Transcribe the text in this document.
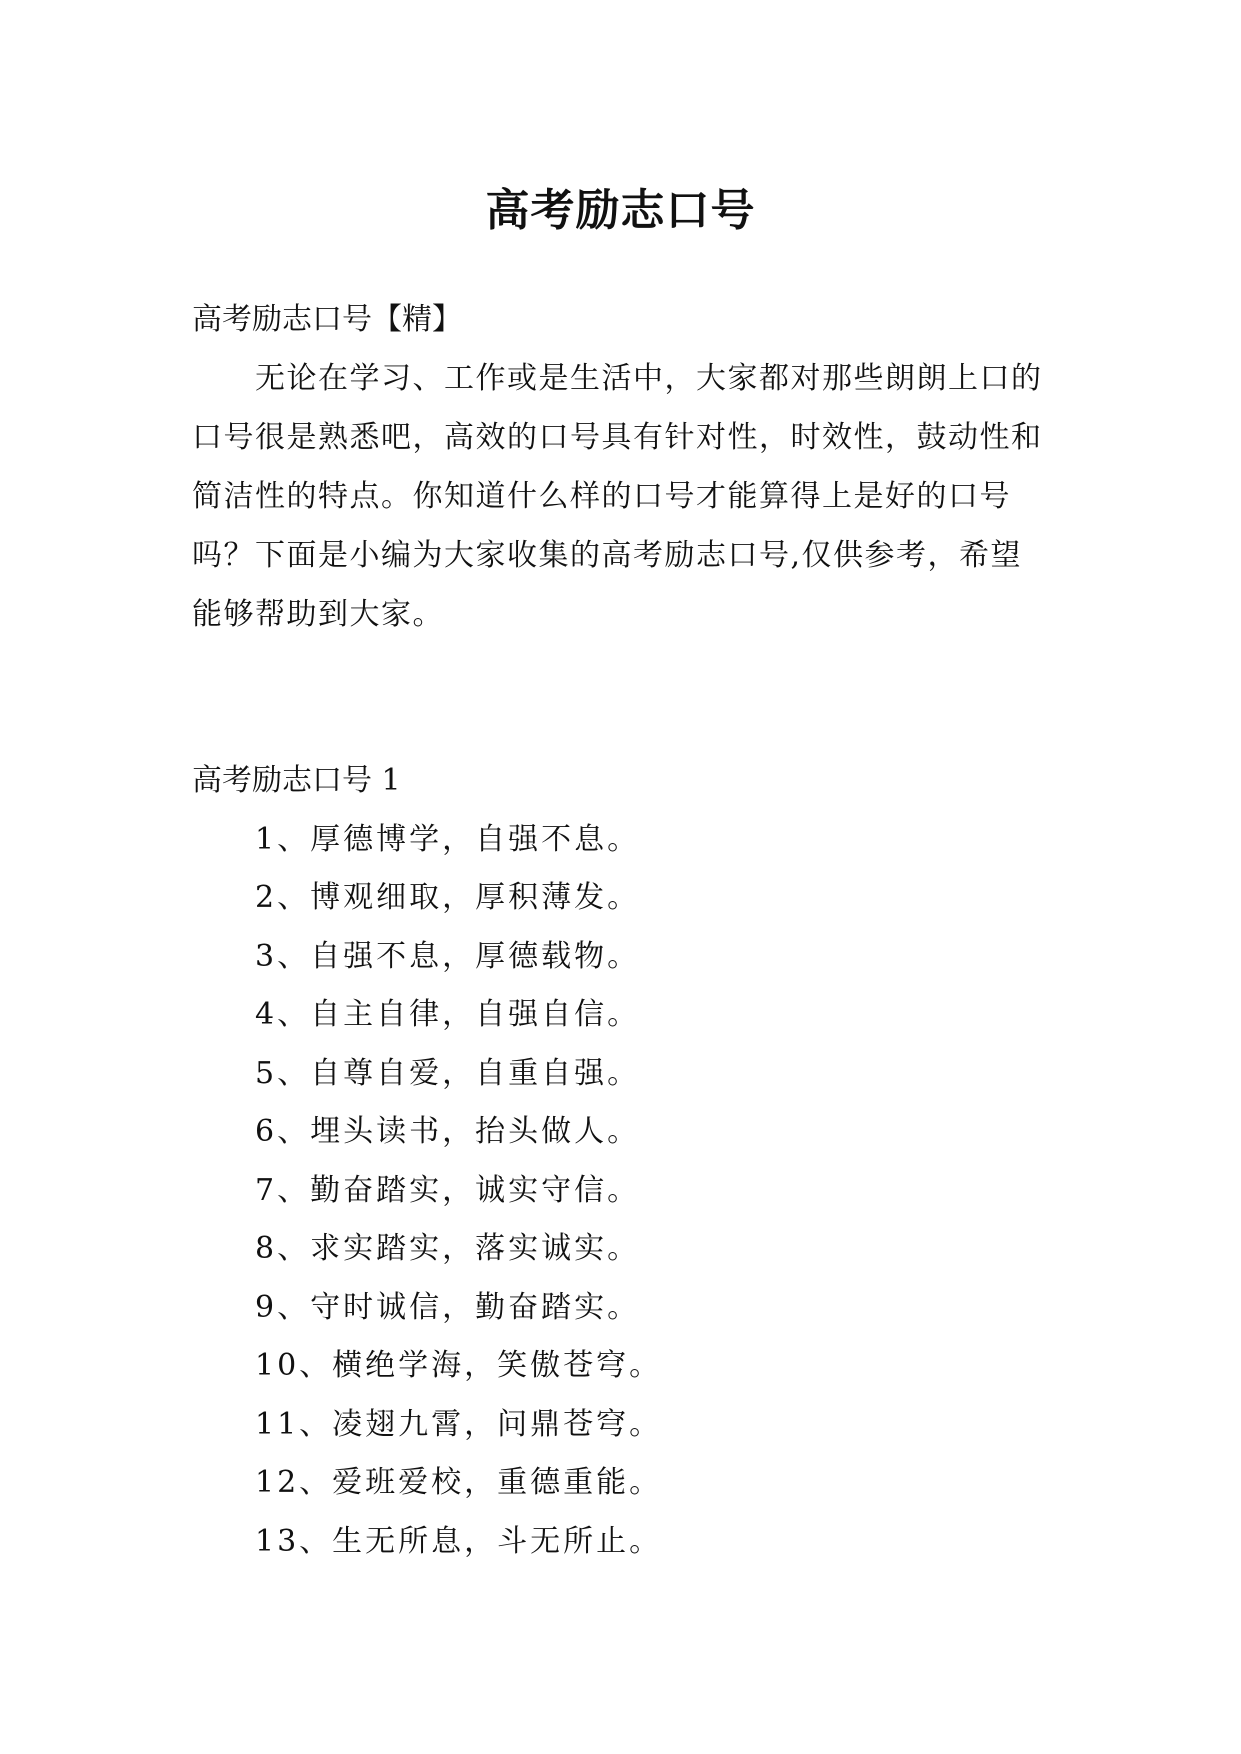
高考励志口号

高考励志口号【精】

无论在学习、工作或是生活中，大家都对那些朗朗上口的口号很是熟悉吧，高效的口号具有针对性，时效性，鼓动性和简洁性的特点。你知道什么样的口号才能算得上是好的口号吗？下面是小编为大家收集的高考励志口号,仅供参考，希望能够帮助到大家。

高考励志口号 1

1、厚德博学，自强不息。
2、博观细取，厚积薄发。
3、自强不息，厚德载物。
4、自主自律，自强自信。
5、自尊自爱，自重自强。
6、埋头读书，抬头做人。
7、勤奋踏实，诚实守信。
8、求实踏实，落实诚实。
9、守时诚信，勤奋踏实。
10、横绝学海，笑傲苍穹。
11、凌翅九霄，问鼎苍穹。
12、爱班爱校，重德重能。
13、生无所息，斗无所止。
